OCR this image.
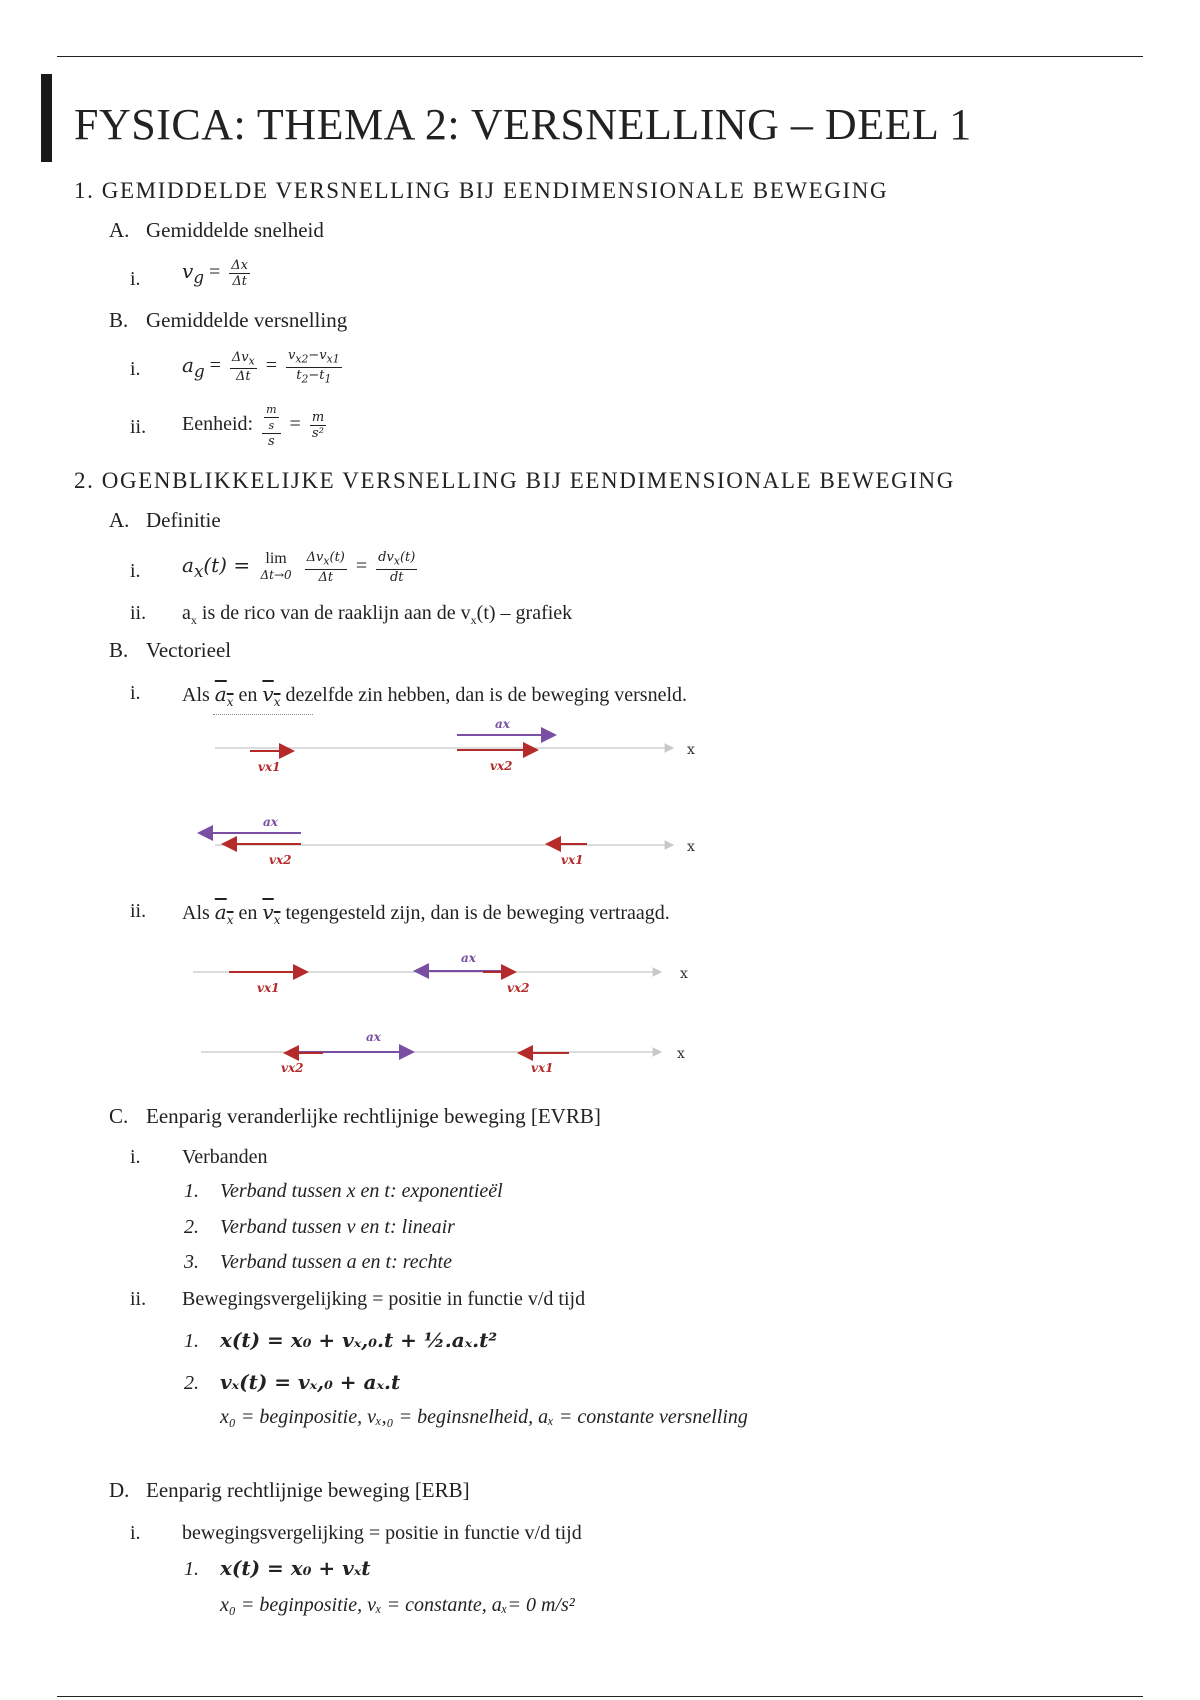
FYSICA: THEMA 2: VERSNELLING – DEEL 1
1. GEMIDDELDE VERSNELLING BIJ EENDIMENSIONALE BEWEGING
A. Gemiddelde snelheid
i. $v_g = \frac{\Delta x}{\Delta t}$
B. Gemiddelde versnelling
i. $a_g = \frac{\Delta v_x}{\Delta t} = \frac{v_{x2}-v_{x1}}{t_2-t_1}$
ii. Eenheid: $\frac{\frac{m}{s}}{s} = \frac{m}{\text{s²}}$
2. OGENBLIKKELIJKE VERSNELLING BIJ EENDIMENSIONALE BEWEGING
A. Definitie
i. $a_x(t) = \lim$
Δt→0
$\frac{\Delta v_x(t)}{\Delta t} = \frac{dv_x(t)}{dt}$
ii. $a_x$ is de rico van de raaklijn aan de $v_x(t)$ – grafiek
B. Vectorieel
i. Als $a_x$ en $v_x$ dezelfde zin hebben, dan is de beweging versneld.
x
vx1
ax
vx2
x
ax
vx2	vx1
ii. Als $a_x$ en $v_x$ tegengesteld zijn, dan is de beweging vertraagd.
x
vx1
ax
vx2
x
ax
vx2	vx1
C. Eenparig veranderlijke rechtlijnige beweging [EVRB]
i. Verbanden
1. Verband tussen x en t: exponentieël
2. Verband tussen v en t: lineair
3. Verband tussen a en t: rechte
ii. Bewegingsvergelijking = positie in functie v/d tijd
1. x(t) = x₀ + vₓ,₀.t + ½.aₓ.t²
2. vₓ(t) = vₓ,₀ + aₓ.t
x₀ = beginpositie, vₓ,₀ = beginsnelheid, aₓ = constante versnelling
D. Eenparig rechtlijnige beweging [ERB]
i. bewegingsvergelijking = positie in functie v/d tijd
1. x(t) = x₀ + vₓt
x₀ = beginpositie, vₓ = constante, aₓ= 0 m/s²
